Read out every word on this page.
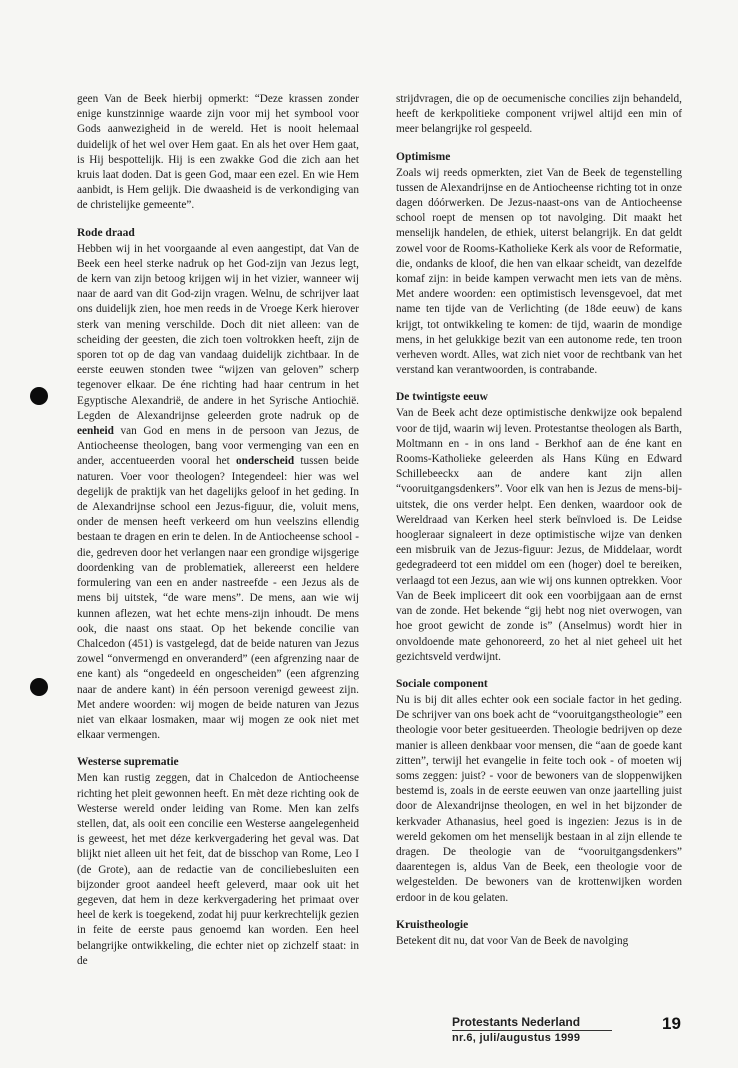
geen Van de Beek hierbij opmerkt: “Deze krassen zonder enige kunstzinnige waarde zijn voor mij het symbool voor Gods aanwezigheid in de wereld. Het is nooit helemaal duidelijk of het wel over Hem gaat. En als het over Hem gaat, is Hij bespottelijk. Hij is een zwakke God die zich aan het kruis laat doden. Dat is geen God, maar een ezel. En wie Hem aanbidt, is Hem gelijk. Die dwaasheid is de verkondiging van de christelijke gemeente”.

Rode draad

Hebben wij in het voorgaande al even aangestipt, dat Van de Beek een heel sterke nadruk op het God-zijn van Jezus legt, de kern van zijn betoog krijgen wij in het vizier, wanneer wij naar de aard van dit God-zijn vragen. Welnu, de schrijver laat ons duidelijk zien, hoe men reeds in de Vroege Kerk hierover sterk van mening verschilde. Doch dit niet alleen: van de scheiding der geesten, die zich toen voltrokken heeft, zijn de sporen tot op de dag van vandaag duidelijk zichtbaar. In de eerste eeuwen stonden twee “wijzen van geloven” scherp tegenover elkaar. De éne richting had haar centrum in het Egyptische Alexandrië, de andere in het Syrische Antiochië. Legden de Alexandrijnse geleerden grote nadruk op de eenheid van God en mens in de persoon van Jezus, de Antiocheense theologen, bang voor vermenging van een en ander, accentueerden vooral het onderscheid tussen beide naturen. Voer voor theologen? Integendeel: hier was wel degelijk de praktijk van het dagelijks geloof in het geding. In de Alexandrijnse school een Jezus-figuur, die, voluit mens, onder de mensen heeft verkeerd om hun veelszins ellendig bestaan te dragen en erin te delen. In de Antiocheense school - die, gedreven door het verlangen naar een grondige wijsgerige doordenking van de problematiek, allereerst een heldere formulering van een en ander nastreefde - een Jezus als de mens bij uitstek, “de ware mens”. De mens, aan wie wij kunnen aflezen, wat het echte mens-zijn inhoudt. De mens ook, die naast ons staat. Op het bekende concilie van Chalcedon (451) is vastgelegd, dat de beide naturen van Jezus zowel “onvermengd en onveranderd” (een afgrenzing naar de ene kant) als “ongedeeld en ongescheiden” (een afgrenzing naar de andere kant) in één persoon verenigd geweest zijn. Met andere woorden: wij mogen de beide naturen van Jezus niet van elkaar losmaken, maar wij mogen ze ook niet met elkaar vermengen.

Westerse suprematie

Men kan rustig zeggen, dat in Chalcedon de Antiocheense richting het pleit gewonnen heeft. En mèt deze richting ook de Westerse wereld onder leiding van Rome. Men kan zelfs stellen, dat, als ooit een concilie een Westerse aangelegenheid is geweest, het met déze kerkvergadering het geval was. Dat blijkt niet alleen uit het feit, dat de bisschop van Rome, Leo I (de Grote), aan de redactie van de conciliebesluiten een bijzonder groot aandeel heeft geleverd, maar ook uit het gegeven, dat hem in deze kerkvergadering het primaat over heel de kerk is toegekend, zodat hij puur kerkrechtelijk gezien in feite de eerste paus genoemd kan worden. Een heel belangrijke ontwikkeling, die echter niet op zichzelf staat: in de

strijdvragen, die op de oecumenische concilies zijn behandeld, heeft de kerkpolitieke component vrijwel altijd een min of meer belangrijke rol gespeeld.

Optimisme

Zoals wij reeds opmerkten, ziet Van de Beek de tegenstelling tussen de Alexandrijnse en de Antiocheense richting tot in onze dagen dóórwerken. De Jezus-naast-ons van de Antiocheense school roept de mensen op tot navolging. Dit maakt het menselijk handelen, de ethiek, uiterst belangrijk. En dat geldt zowel voor de Rooms-Katholieke Kerk als voor de Reformatie, die, ondanks de kloof, die hen van elkaar scheidt, van dezelfde komaf zijn: in beide kampen verwacht men iets van de mèns. Met andere woorden: een optimistisch levensgevoel, dat met name ten tijde van de Verlichting (de 18de eeuw) de kans krijgt, tot ontwikkeling te komen: de tijd, waarin de mondige mens, in het gelukkige bezit van een autonome rede, ten troon verheven wordt. Alles, wat zich niet voor de rechtbank van het verstand kan verantwoorden, is contrabande.

De twintigste eeuw

Van de Beek acht deze optimistische denkwijze ook bepalend voor de tijd, waarin wij leven. Protestantse theologen als Barth, Moltmann en - in ons land - Berkhof aan de éne kant en Rooms-Katholieke geleerden als Hans Küng en Edward Schillebeeckx aan de andere kant zijn allen “vooruitgangsdenkers”. Voor elk van hen is Jezus de mens-bij-uitstek, die ons verder helpt. Een denken, waardoor ook de Wereldraad van Kerken heel sterk beïnvloed is. De Leidse hoogleraar signaleert in deze optimistische wijze van denken een misbruik van de Jezus-figuur: Jezus, de Middelaar, wordt gedegradeerd tot een middel om een (hoger) doel te bereiken, verlaagd tot een Jezus, aan wie wij ons kunnen optrekken. Voor Van de Beek impliceert dit ook een voorbijgaan aan de ernst van de zonde. Het bekende “gij hebt nog niet overwogen, van hoe groot gewicht de zonde is” (Anselmus) wordt hier in onvoldoende mate gehonoreerd, zo het al niet geheel uit het gezichtsveld verdwijnt.

Sociale component

Nu is bij dit alles echter ook een sociale factor in het geding. De schrijver van ons boek acht de “vooruitgangstheologie” een theologie voor beter gesitueerden. Theologie bedrijven op deze manier is alleen denkbaar voor mensen, die “aan de goede kant zitten”, terwijl het evangelie in feite toch ook - of moeten wij soms zeggen: juist? - voor de bewoners van de sloppenwijken bestemd is, zoals in de eerste eeuwen van onze jaartelling juist door de Alexandrijnse theologen, en wel in het bijzonder de kerkvader Athanasius, heel goed is ingezien: Jezus is in de wereld gekomen om het menselijk bestaan in al zijn ellende te dragen. De theologie van de “vooruitgangsdenkers” daarentegen is, aldus Van de Beek, een theologie voor de welgestelden. De bewoners van de krottenwijken worden erdoor in de kou gelaten.

Kruistheologie

Betekent dit nu, dat voor Van de Beek de navolging

Protestants Nederland
nr.6, juli/augustus 1999
19
